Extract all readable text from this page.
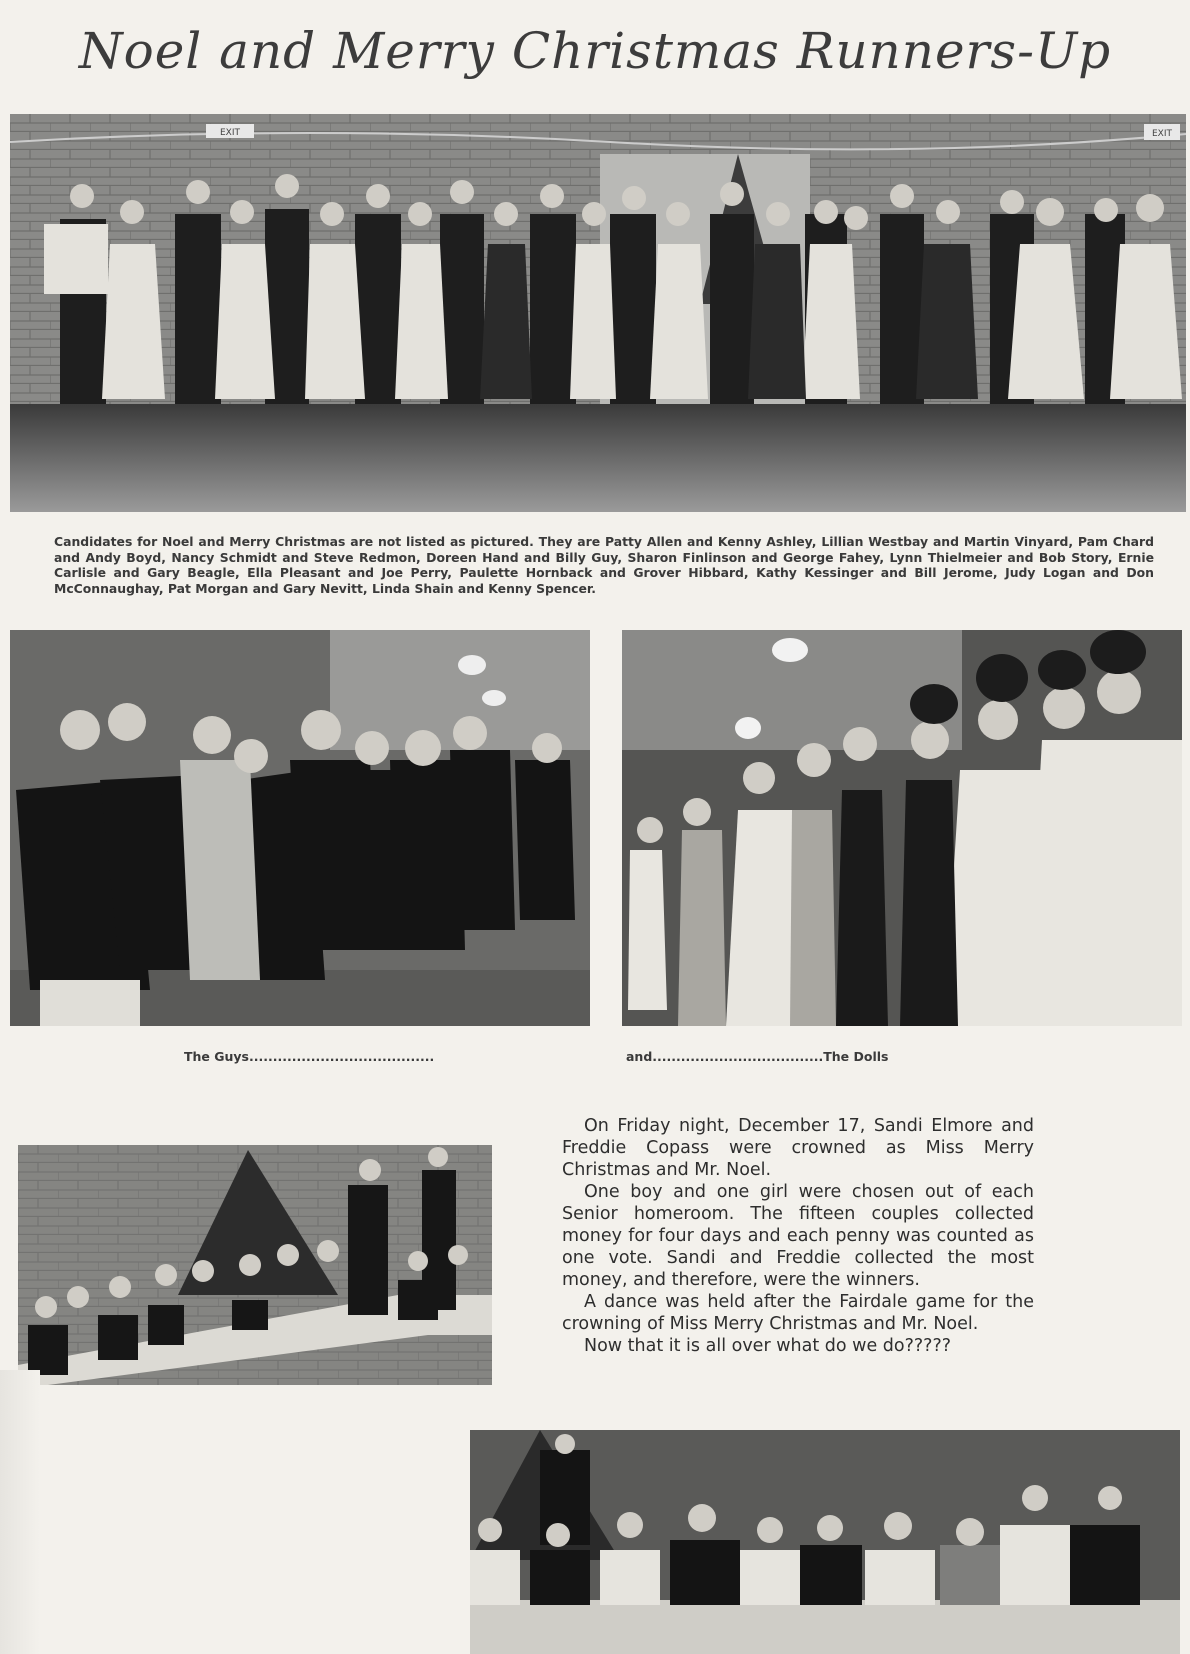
Noel and Merry Christmas Runners-Up
EXIT	EXIT
Candidates for Noel and Merry Christmas are not listed as pictured. They are Patty Allen and Kenny Ashley, Lillian Westbay and Martin Vinyard, Pam Chard and Andy Boyd, Nancy Schmidt and Steve Redmon, Doreen Hand and Billy Guy, Sharon Finlinson and George Fahey, Lynn Thielmeier and Bob Story, Ernie Carlisle and Gary Beagle, Ella Pleasant and Joe Perry, Paulette Hornback and Grover Hibbard, Kathy Kessinger and Bill Jerome, Judy Logan and Don McConnaughay, Pat Morgan and Gary Nevitt, Linda Shain and Kenny Spencer.
The Guys.......................................	and....................................The Dolls

On Friday night, December 17, Sandi Elmore and Freddie Copass were crowned as Miss Merry Christmas and Mr. Noel.

One boy and one girl were chosen out of each Senior homeroom. The fifteen couples collected money for four days and each penny was counted as one vote. Sandi and Freddie collected the most money, and therefore, were the winners.

A dance was held after the Fairdale game for the crowning of Miss Merry Christmas and Mr. Noel.

Now that it is all over what do we do?????
